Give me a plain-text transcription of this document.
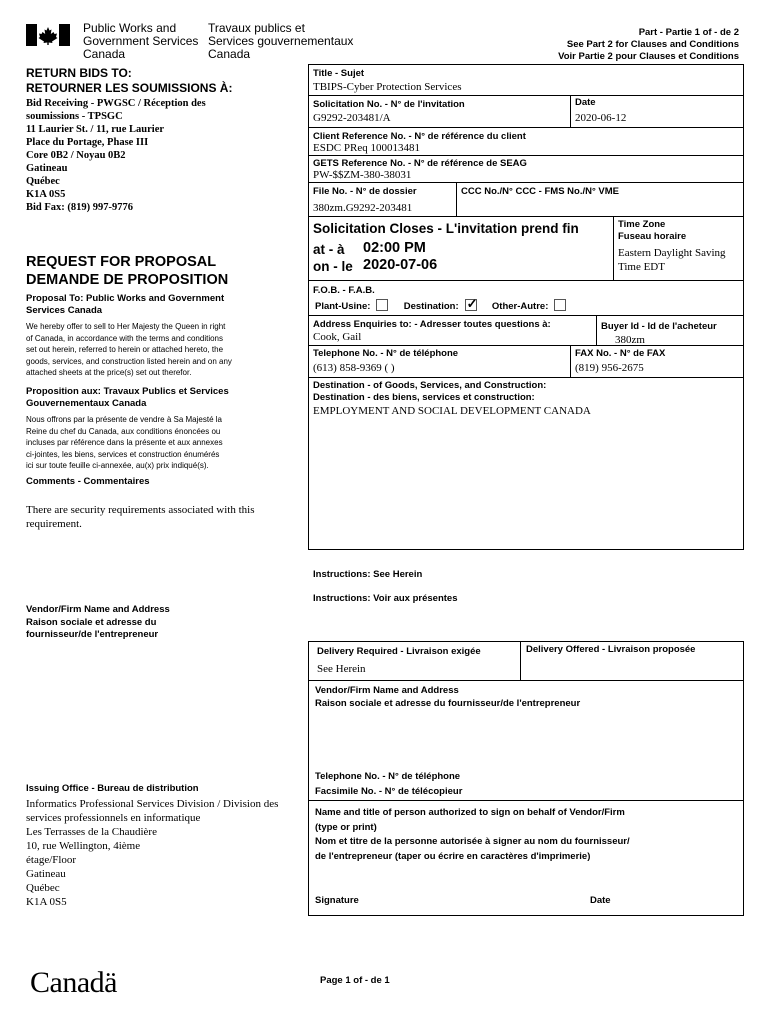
Public Works and
Government Services
Canada
Travaux publics et
Services gouvernementaux
Canada
Part - Partie 1 of - de 2
See Part 2 for Clauses and Conditions
Voir Partie 2 pour Clauses et Conditions
RETURN BIDS TO:
RETOURNER LES SOUMISSIONS À:
Bid Receiving - PWGSC / Réception des
soumissions - TPSGC
11 Laurier St. / 11, rue Laurier
Place du Portage, Phase III
Core 0B2 / Noyau 0B2
Gatineau
Québec
K1A 0S5
Bid Fax: (819) 997-9776
REQUEST FOR PROPOSAL
DEMANDE DE PROPOSITION
Proposal To: Public Works and Government
Services Canada
We hereby offer to sell to Her Majesty the Queen in right
of Canada, in accordance with the terms and conditions
set out herein, referred to herein or attached hereto, the
goods, services, and construction listed herein and on any
attached sheets at the price(s) set out therefor.
Proposition aux: Travaux Publics et Services
Gouvernementaux Canada
Nous offrons par la présente de vendre à Sa Majesté la
Reine du chef du Canada, aux conditions énoncées ou
incluses par référence dans la présente et aux annexes
ci-jointes, les biens, services et construction énumérés
ici sur toute feuille ci-annexée, au(x) prix indiqué(s).
Comments - Commentaires
There are security requirements associated with this
requirement.
Vendor/Firm Name and Address
Raison sociale et adresse du
fournisseur/de l'entrepreneur
Issuing Office - Bureau de distribution
Informatics Professional Services Division / Division des
services professionnels en informatique
Les Terrasses de la Chaudière
10, rue Wellington, 4ième
étage/Floor
Gatineau
Québec
K1A 0S5
Title - Sujet
TBIPS-Cyber Protection Services
Solicitation No. - N° de l'invitation
G9292-203481/A
Date
2020-06-12
Client Reference No. - N° de référence du client
ESDC PReq 100013481
GETS Reference No. - N° de référence de SEAG
PW-$$ZM-380-38031
File No. - N° de dossier
380zm.G9292-203481
CCC No./N° CCC - FMS No./N° VME
Solicitation Closes - L'invitation prend fin
at - à 02:00 PM
on - le 2020-07-06
Time Zone
Fuseau horaire
Eastern Daylight Saving
Time EDT
F.O.B. - F.A.B.
Plant-Usine:	Destination: ✓ Other-Autre:
Address Enquiries to: - Adresser toutes questions à:
Cook, Gail
Buyer Id - Id de l'acheteur
380zm
Telephone No. - N° de téléphone
(613) 858-9369 ( )
FAX No. - N° de FAX
(819) 956-2675
Destination - of Goods, Services, and Construction:
Destination - des biens, services et construction:
EMPLOYMENT AND SOCIAL DEVELOPMENT CANADA
Instructions: See Herein
Instructions: Voir aux présentes
Delivery Required - Livraison exigée
See Herein
Delivery Offered - Livraison proposée
Vendor/Firm Name and Address
Raison sociale et adresse du fournisseur/de l'entrepreneur
Telephone No. - N° de téléphone
Facsimile No. - N° de télécopieur
Name and title of person authorized to sign on behalf of Vendor/Firm
(type or print)
Nom et titre de la personne autorisée à signer au nom du fournisseur/
de l'entrepreneur (taper ou écrire en caractères d'imprimerie)
Signature	Date
Canadä	Page 1 of - de 1
